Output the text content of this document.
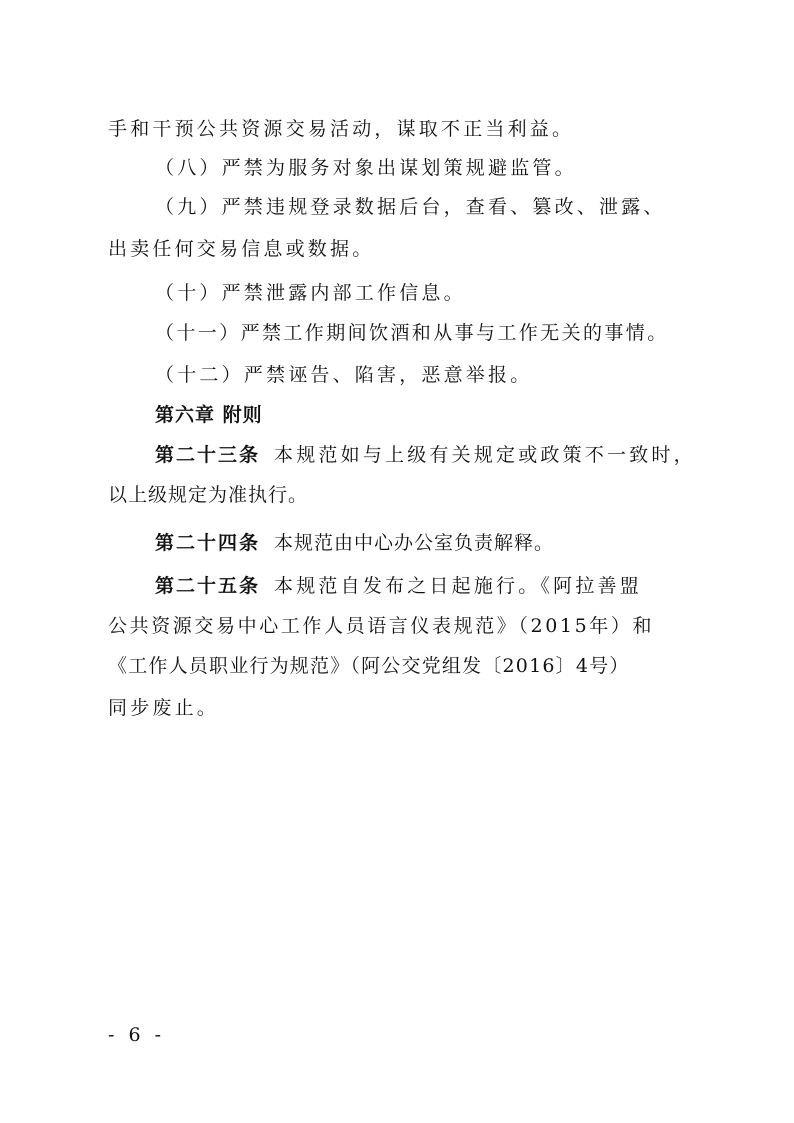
手和干预公共资源交易活动，谋取不正当利益。
（八）严禁为服务对象出谋划策规避监管。
（九）严禁违规登录数据后台，查看、篡改、泄露、
出卖任何交易信息或数据。
（十）严禁泄露内部工作信息。
（十一）严禁工作期间饮酒和从事与工作无关的事情。
（十二）严禁诬告、陷害，恶意举报。
第六章 附则
第二十三条 本规范如与上级有关规定或政策不一致时，
以上级规定为准执行。
第二十四条 本规范由中心办公室负责解释。
第二十五条 本规范自发布之日起施行。《阿拉善盟
公共资源交易中心工作人员语言仪表规范》（2015年）和
《工作人员职业行为规范》（阿公交党组发〔2016〕4号）
同步废止。
- 6 -
